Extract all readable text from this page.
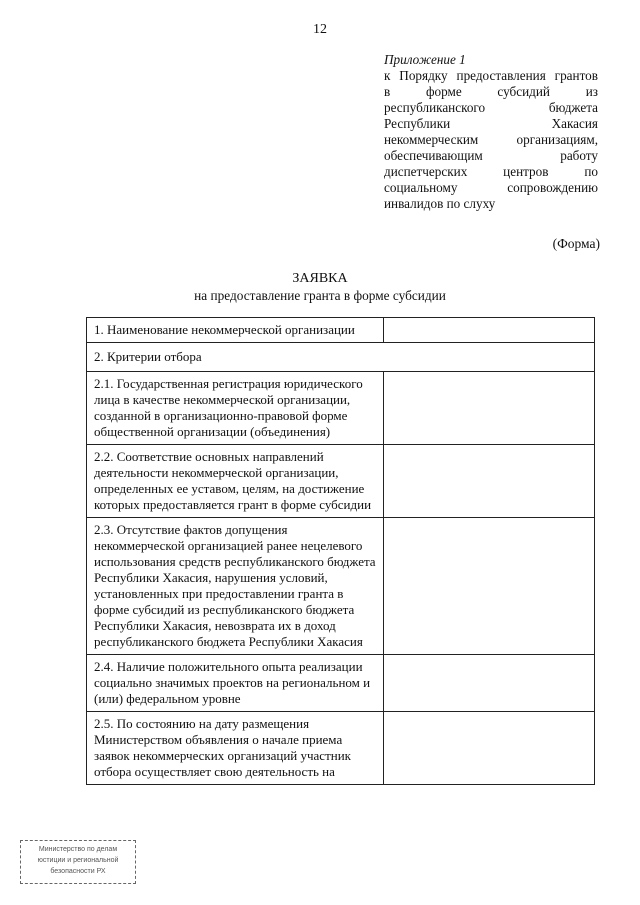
12
Приложение 1
к Порядку предоставления грантов
в форме субсидий из
республиканского бюджета
Республики Хакасия
некоммерческим организациям,
обеспечивающим работу
диспетчерских центров по
социальному сопровождению
инвалидов по слуху
(Форма)
ЗАЯВКА
на предоставление гранта в форме субсидии
1. Наименование некоммерческой организации	
2. Критерии отбора	
2.1. Государственная регистрация юридического лица в качестве некоммерческой организации, созданной в организационно-правовой форме общественной организации (объединения)	
2.2. Соответствие основных направлений деятельности некоммерческой организации, определенных ее уставом, целям, на достижение которых предоставляется грант в форме субсидии	
2.3. Отсутствие фактов допущения некоммерческой организацией ранее нецелевого использования средств республиканского бюджета Республики Хакасия, нарушения условий, установленных при предоставлении гранта в форме субсидий из республиканского бюджета Республики Хакасия, невозврата их в доход республиканского бюджета Республики Хакасия	
2.4. Наличие положительного опыта реализации социально значимых проектов на региональном и (или) федеральном уровне	
2.5. По состоянию на дату размещения Министерством объявления о начале приема заявок некоммерческих организаций участник отбора осуществляет свою деятельность на	
Министерство по делам
юстиции и региональной
безопасности РХ
